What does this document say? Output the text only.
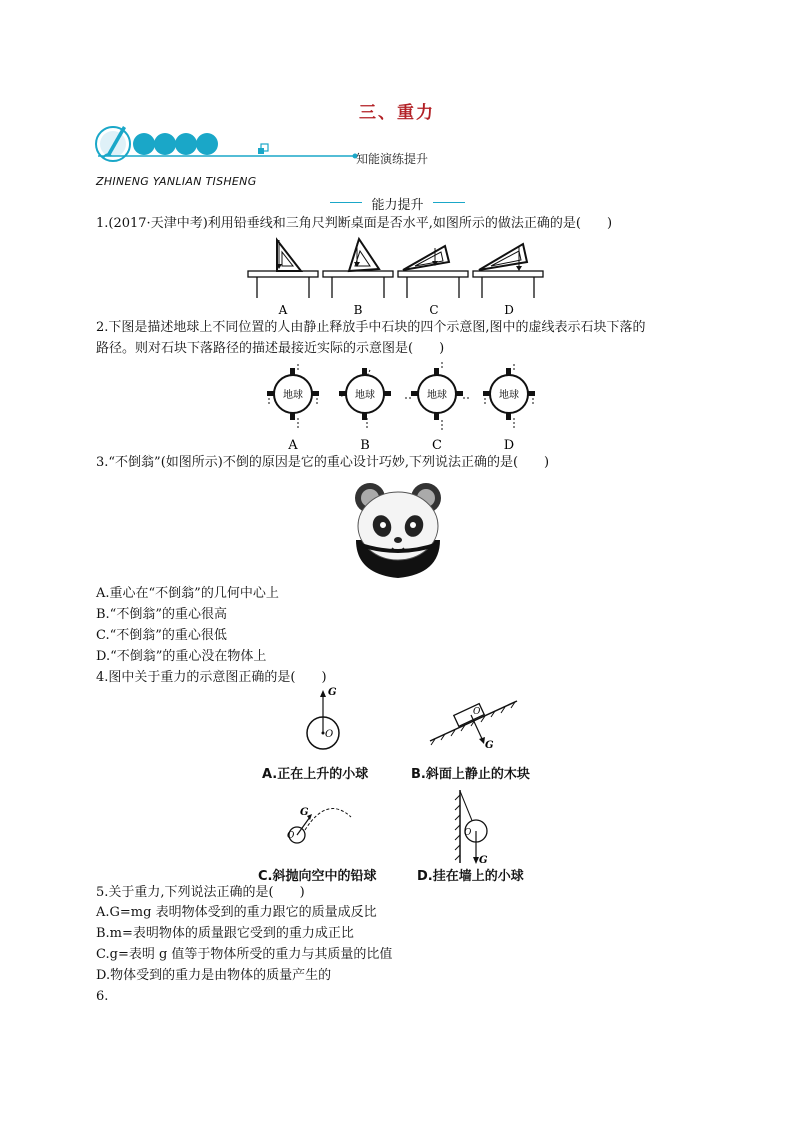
三、重力
知能演练提升
ZHINENG YANLIAN TISHENG
能力提升
1.(2017·天津中考)利用铅垂线和三角尺判断桌面是否水平,如图所示的做法正确的是(　　)
A	B	C	D
2.下图是描述地球上不同位置的人由静止释放手中石块的四个示意图,图中的虚线表示石块下落的
路径。则对石块下落路径的描述最接近实际的示意图是(　　)
地球	地球	地球	地球
A	B	C	D
3.“不倒翁”(如图所示)不倒的原因是它的重心设计巧妙,下列说法正确的是(　　)
A.重心在“不倒翁”的几何中心上
B.“不倒翁”的重心很高
C.“不倒翁”的重心很低
D.“不倒翁”的重心没在物体上
4.图中关于重力的示意图正确的是(　　)
G
O
O
G
G
O	O
G
A.正在上升的小球	B.斜面上静止的木块
C.斜抛向空中的铅球	D.挂在墙上的小球
5.关于重力,下列说法正确的是(　　)
A.G=mg 表明物体受到的重力跟它的质量成反比
B.m=表明物体的质量跟它受到的重力成正比
C.g=表明 g 值等于物体所受的重力与其质量的比值
D.物体受到的重力是由物体的质量产生的
6.
